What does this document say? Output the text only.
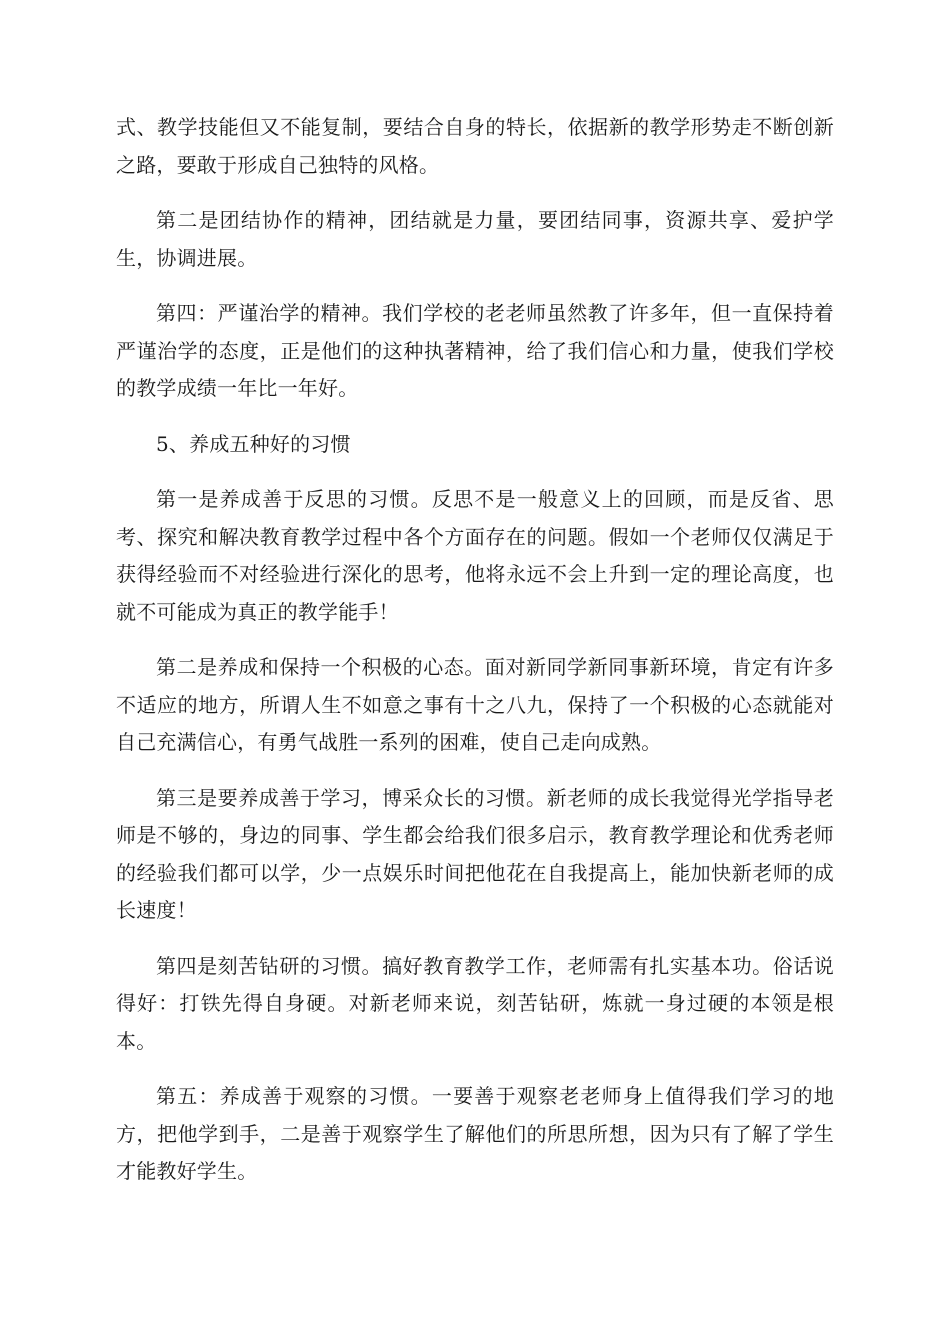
式、教学技能但又不能复制，要结合自身的特长，依据新的教学形势走不断创新之路，要敢于形成自己独特的风格。

第二是团结协作的精神，团结就是力量，要团结同事，资源共享、爱护学生，协调进展。

第四：严谨治学的精神。我们学校的老老师虽然教了许多年，但一直保持着严谨治学的态度，正是他们的这种执著精神，给了我们信心和力量，使我们学校的教学成绩一年比一年好。

5、养成五种好的习惯

第一是养成善于反思的习惯。反思不是一般意义上的回顾，而是反省、思考、探究和解决教育教学过程中各个方面存在的问题。假如一个老师仅仅满足于获得经验而不对经验进行深化的思考，他将永远不会上升到一定的理论高度，也就不可能成为真正的教学能手！

第二是养成和保持一个积极的心态。面对新同学新同事新环境，肯定有许多不适应的地方，所谓人生不如意之事有十之八九，保持了一个积极的心态就能对自己充满信心，有勇气战胜一系列的困难，使自己走向成熟。

第三是要养成善于学习，博采众长的习惯。新老师的成长我觉得光学指导老师是不够的，身边的同事、学生都会给我们很多启示，教育教学理论和优秀老师的经验我们都可以学，少一点娱乐时间把他花在自我提高上，能加快新老师的成长速度！

第四是刻苦钻研的习惯。搞好教育教学工作，老师需有扎实基本功。俗话说得好：打铁先得自身硬。对新老师来说，刻苦钻研，炼就一身过硬的本领是根本。

第五：养成善于观察的习惯。一要善于观察老老师身上值得我们学习的地方，把他学到手，二是善于观察学生了解他们的所思所想，因为只有了解了学生才能教好学生。
